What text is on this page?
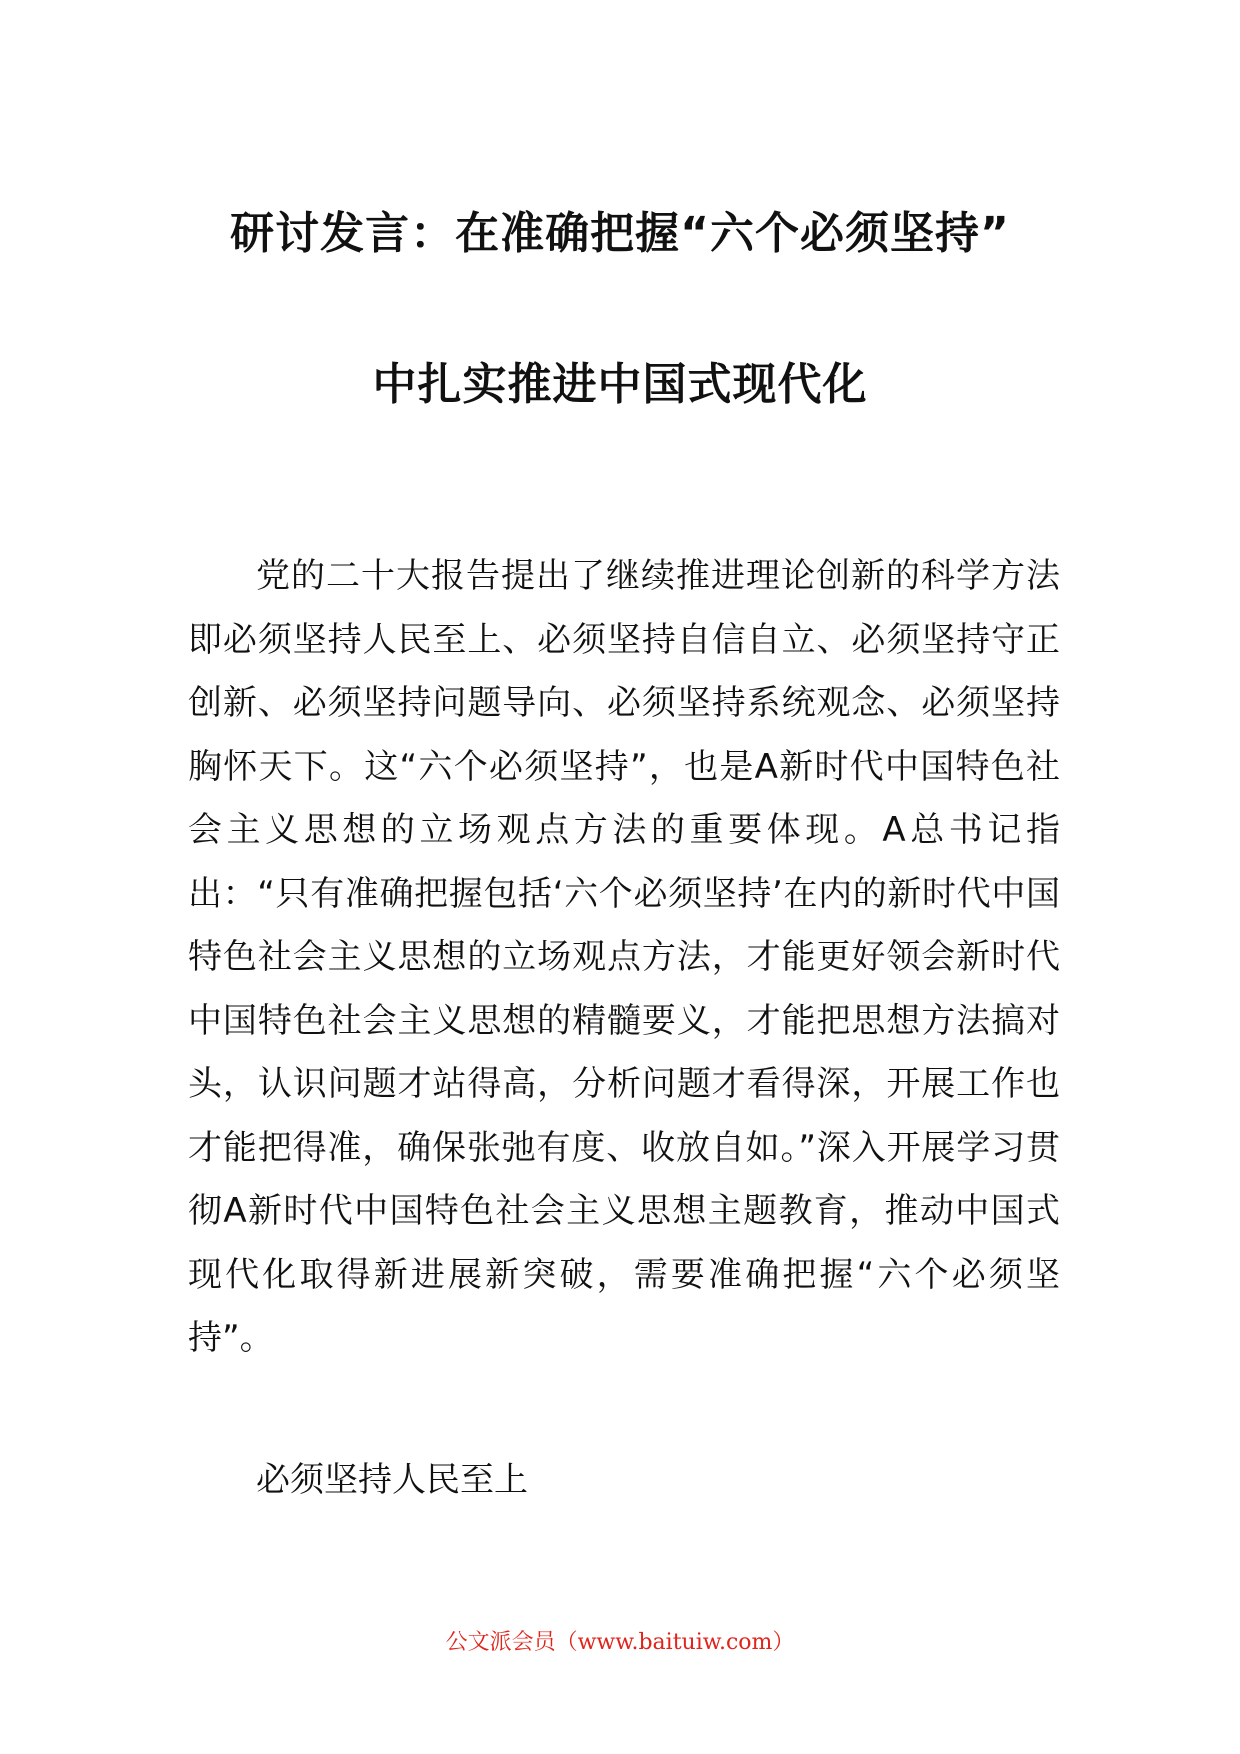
研讨发言：在准确把握“六个必须坚持”
中扎实推进中国式现代化

党的二十大报告提出了继续推进理论创新的科学方法即必须坚持人民至上、必须坚持自信自立、必须坚持守正创新、必须坚持问题导向、必须坚持系统观念、必须坚持胸怀天下。这“六个必须坚持”，也是A新时代中国特色社会主义思想的立场观点方法的重要体现。A总书记指出：“只有准确把握包括‘六个必须坚持’在内的新时代中国特色社会主义思想的立场观点方法，才能更好领会新时代中国特色社会主义思想的精髓要义，才能把思想方法搞对头，认识问题才站得高，分析问题才看得深，开展工作也才能把得准，确保张弛有度、收放自如。”深入开展学习贯彻A新时代中国特色社会主义思想主题教育，推动中国式现代化取得新进展新突破，需要准确把握“六个必须坚持”。

必须坚持人民至上

公文派会员（www.baituiw.com）
